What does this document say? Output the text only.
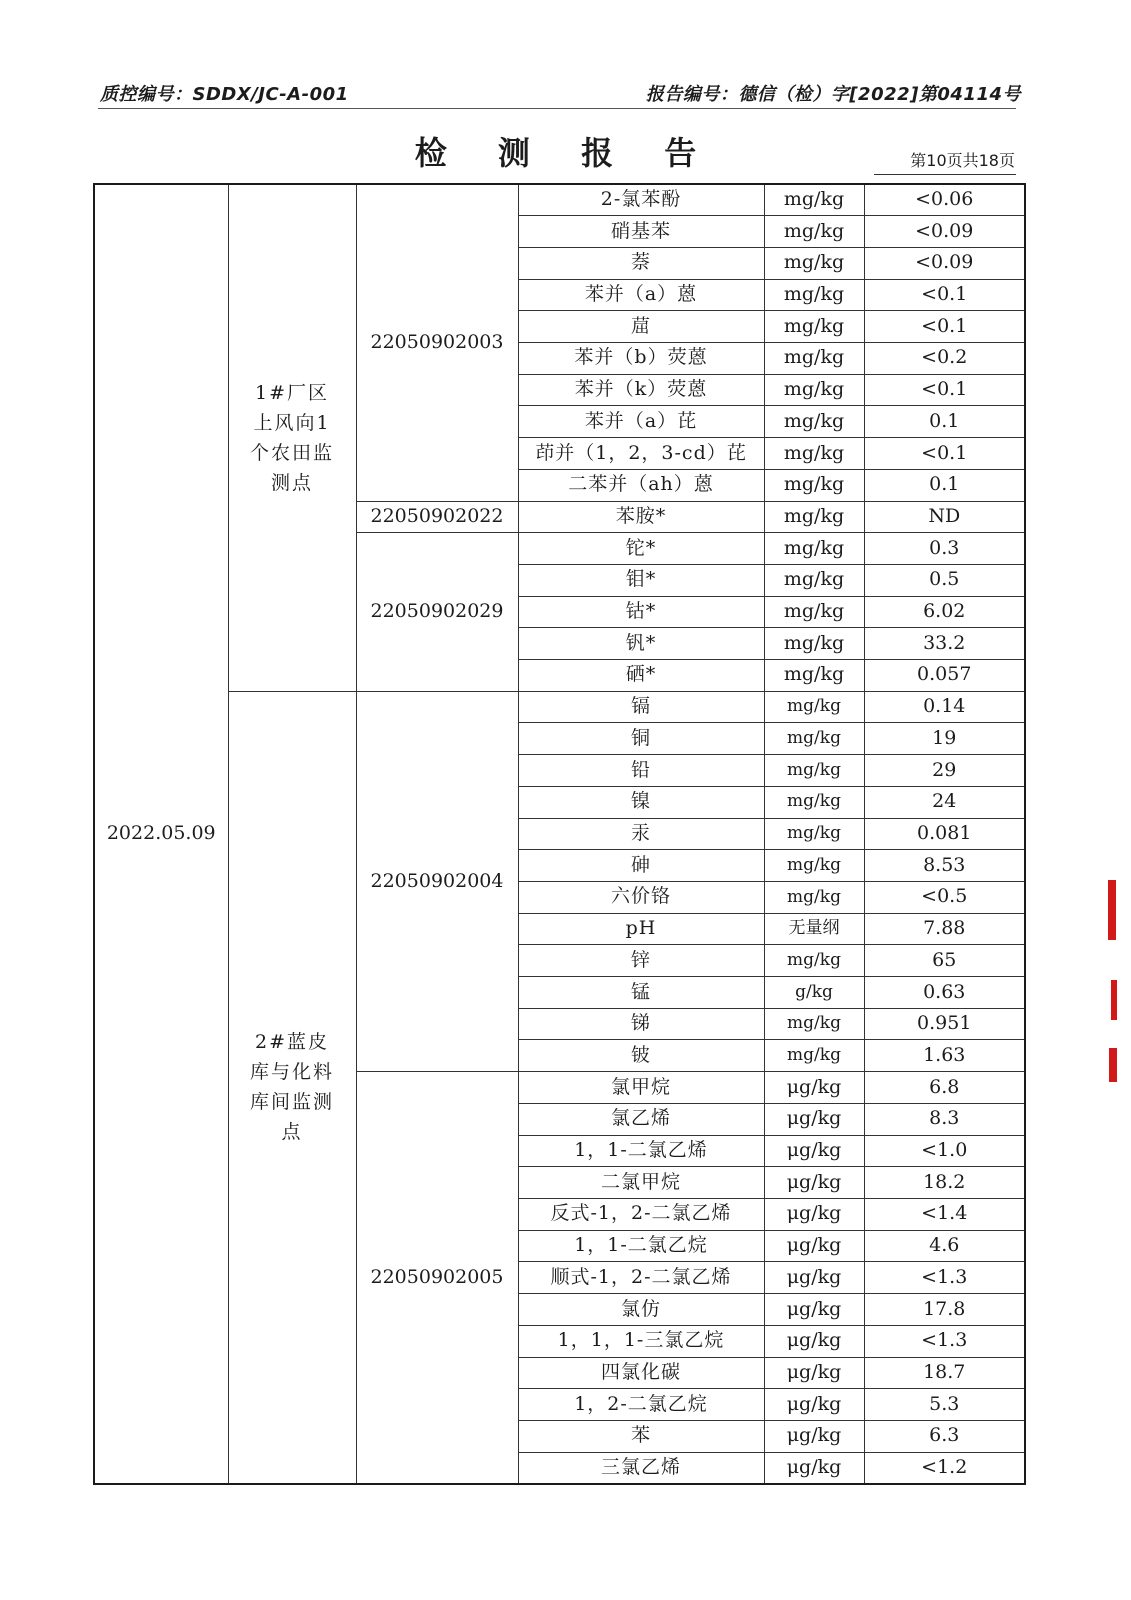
质控编号：SDDX/JC-A-001	报告编号：德信（检）字[2022]第04114号
检 测 报 告	第10页共18页
2022.05.09	1#厂区上风向1个农田监测点	22050902003	2-氯苯酚	mg/kg	<0.06
			硝基苯	mg/kg	<0.09
			萘	mg/kg	<0.09
			苯并（a）蒽	mg/kg	<0.1
			䓛	mg/kg	<0.1
			苯并（b）荧蒽	mg/kg	<0.2
			苯并（k）荧蒽	mg/kg	<0.1
			苯并（a）芘	mg/kg	0.1
			茚并（1，2，3-cd）芘	mg/kg	<0.1
			二苯并（ah）蒽	mg/kg	0.1
		22050902022	苯胺*	mg/kg	ND
		22050902029	铊*	mg/kg	0.3
			钼*	mg/kg	0.5
			钴*	mg/kg	6.02
			钒*	mg/kg	33.2
			硒*	mg/kg	0.057
	2#蓝皮库与化料库间监测点	22050902004	镉	mg/kg	0.14
			铜	mg/kg	19
			铅	mg/kg	29
			镍	mg/kg	24
			汞	mg/kg	0.081
			砷	mg/kg	8.53
			六价铬	mg/kg	<0.5
			pH	无量纲	7.88
			锌	mg/kg	65
			锰	g/kg	0.63
			锑	mg/kg	0.951
			铍	mg/kg	1.63
		22050902005	氯甲烷	μg/kg	6.8
			氯乙烯	μg/kg	8.3
			1，1-二氯乙烯	μg/kg	<1.0
			二氯甲烷	μg/kg	18.2
			反式-1，2-二氯乙烯	μg/kg	<1.4
			1，1-二氯乙烷	μg/kg	4.6
			顺式-1，2-二氯乙烯	μg/kg	<1.3
			氯仿	μg/kg	17.8
			1，1，1-三氯乙烷	μg/kg	<1.3
			四氯化碳	μg/kg	18.7
			1，2-二氯乙烷	μg/kg	5.3
			苯	μg/kg	6.3
			三氯乙烯	μg/kg	<1.2
